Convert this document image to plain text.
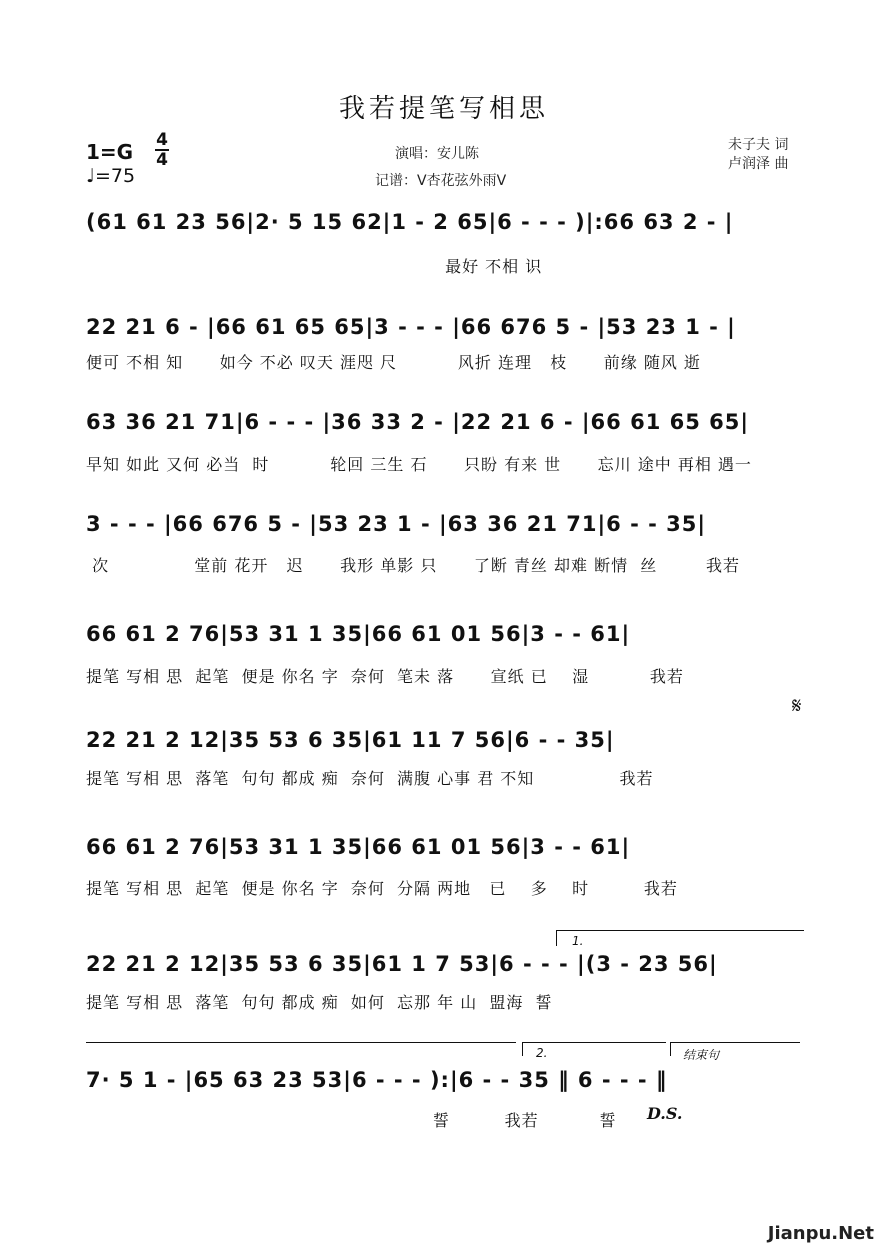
我若提笔写相思
1=G 4
4
♩=75
演唱：安儿陈
记谱：V杏花弦外雨V
未子夫 词
卢润泽 曲
(61 61 23 56|2· 5 15 62|1 - 2 65|6 - - - )|:66 63 2 - |
最好 不相 识
22 21 6 - |66 61 65 65|3 - - - |66 676 5 - |53 23 1 - |
便可 不相 知      如今 不必 叹天 涯咫 尺          风折 连理   枝      前缘 随风 逝
63 36 21 71|6 - - - |36 33 2 - |22 21 6 - |66 61 65 65|
早知 如此 又何 必当  时          轮回 三生 石      只盼 有来 世      忘川 途中 再相 遇一
3 - - - |66 676 5 - |53 23 1 - |63 36 21 71|6 - - 35|
次              堂前 花开   迟      我形 单影 只      了断 青丝 却难 断情  丝        我若
66 61 2 76|53 31 1 35|66 61 01 56|3 - - 61|
提笔 写相 思  起笔  便是 你名 字  奈何  笔未 落      宣纸 已    湿          我若
22 21 2 12|35 53 6 35|61 11 7 56|6 - - 35|
提笔 写相 思  落笔  句句 都成 痴  奈何  满腹 心事 君 不知              我若
66 61 2 76|53 31 1 35|66 61 01 56|3 - - 61|
提笔 写相 思  起笔  便是 你名 字  奈何  分隔 两地   已    多    时         我若
22 21 2 12|35 53 6 35|61 1 7 53|6 - - - |(3 - 23 56|
提笔 写相 思  落笔  句句 都成 痴  如何  忘那 年 山  盟海  誓
7· 5 1 - |65 63 23 53|6 - - - ):|6 - - 35 ‖ 6 - - - ‖
誓         我若          誓
𝄋
1.
2.	结束句
D.S.
Jianpu.Net
